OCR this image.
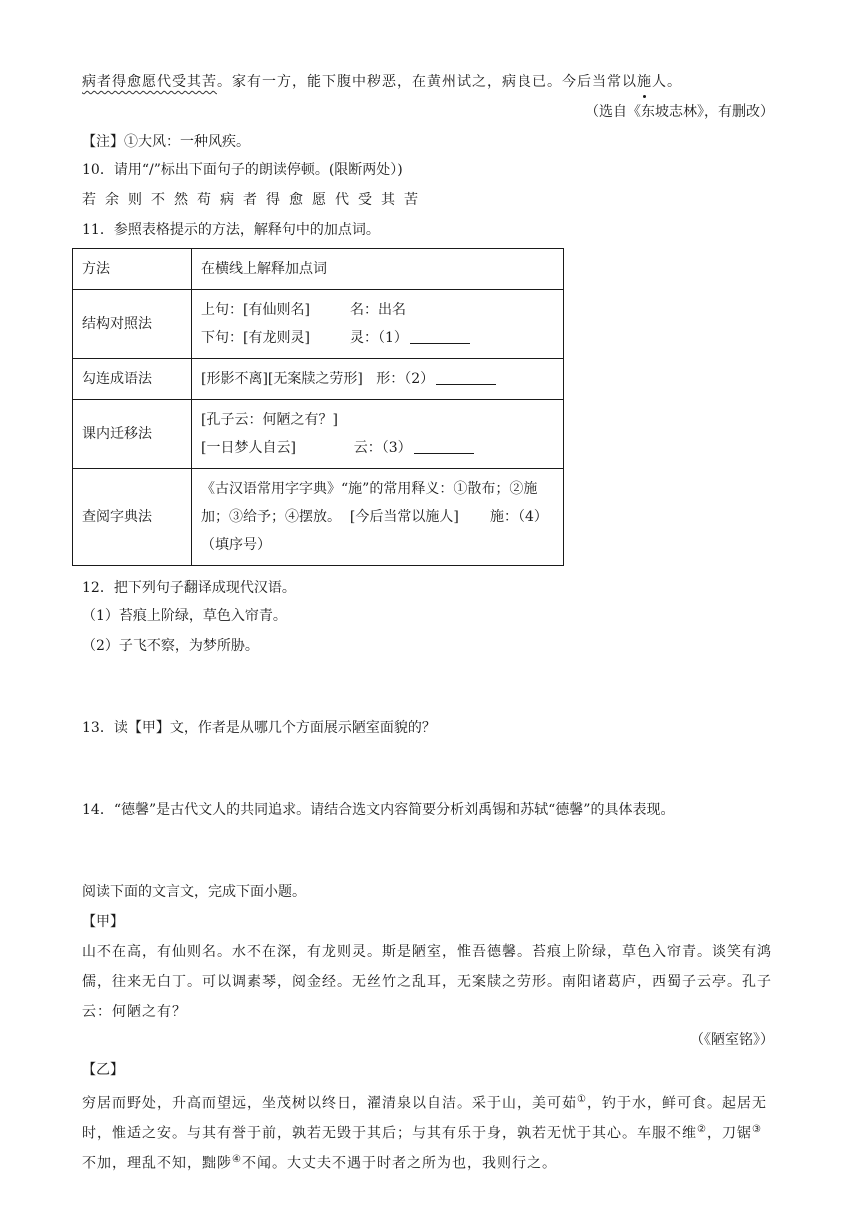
病者得愈愿代受其苦。家有一方，能下腹中秽恶，在黄州试之，病良已。今后当常以施人。
（选自《东坡志林》，有删改）
【注】①大风：一种风疾。
10．请用“/”标出下面句子的朗读停顿。(限断两处）)
若余则不然苟病者得愈愿代受其苦
11．参照表格提示的方法，解释句中的加点词。
方法	在横线上解释加点词
结构对照法	上句：[有仙则名]         名：出名
下句：[有龙则灵]         灵：（1）

勾连成语法	[形影不离][无案牍之劳形]   形：（2）

课内迁移法	[孔子云：何陋之有？]
[一日梦人自云]             云：（3）

查阅字典法	《古汉语常用字字典》“施”的常用释义：①散布；②施
加；③给予；④摆放。  [今后当常以施人]       施：（4）
（填序号）
12．把下列句子翻译成现代汉语。
（1）苔痕上阶绿，草色入帘青。
（2）子飞不察，为梦所胁。
13．读【甲】文，作者是从哪几个方面展示陋室面貌的？
14．“德馨”是古代文人的共同追求。请结合选文内容简要分析刘禹锡和苏轼“德馨”的具体表现。
阅读下面的文言文，完成下面小题。
【甲】
山不在高，有仙则名。水不在深，有龙则灵。斯是陋室，惟吾德馨。苔痕上阶绿，草色入帘青。谈笑有鸿
儒，往来无白丁。可以调素琴，阅金经。无丝竹之乱耳，无案牍之劳形。南阳诸葛庐，西蜀子云亭。孔子
云：何陋之有？
（《陋室铭》）
【乙】
穷居而野处，升高而望远，坐茂树以终日，濯清泉以自洁。采于山，美可茹①，钓于水，鲜可食。起居无
时，惟适之安。与其有誉于前，孰若无毁于其后；与其有乐于身，孰若无忧于其心。车服不维②，刀锯③
不加，理乱不知，黜陟④不闻。大丈夫不遇于时者之所为也，我则行之。
